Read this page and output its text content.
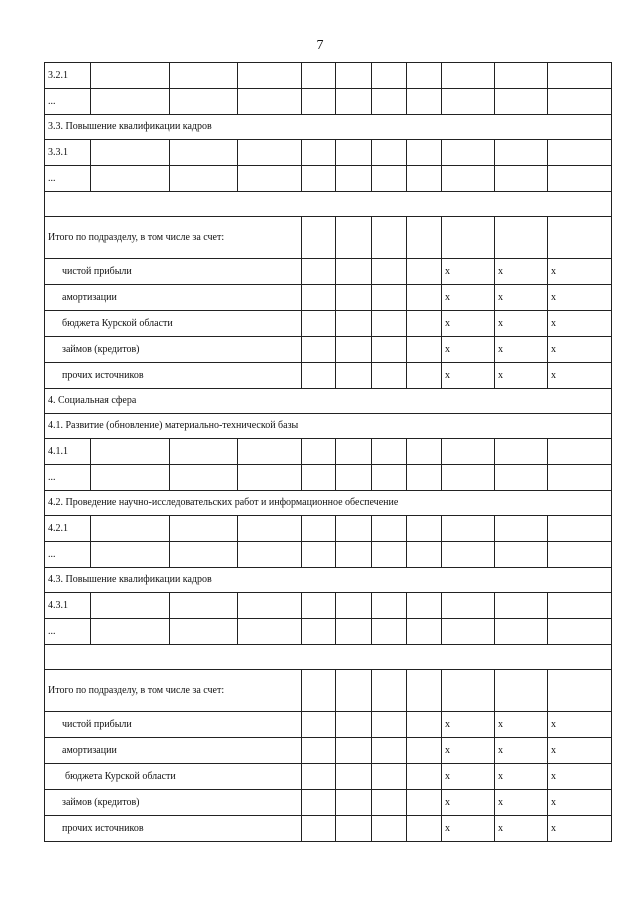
7
3.2.1										
...										
3.3. Повышение квалификации кадров										
3.3.1										
...										

Итого по подразделу, в том числе за счет:										
чистой прибыли								x	x	x
амортизации								x	x	x
бюджета Курской области								x	x	x
займов (кредитов)								x	x	x
прочих источников								x	x	x
4. Социальная сфера										
4.1. Развитие (обновление) материально-технической базы										
4.1.1										
...										
4.2. Проведение научно-исследовательских работ и информационное обеспечение										
4.2.1										
...										
4.3. Повышение квалификации кадров										
4.3.1										
...										

Итого по подразделу, в том числе за счет:										
чистой прибыли								x	x	x
амортизации								x	x	x
бюджета Курской области								x	x	x
займов (кредитов)								x	x	x
прочих источников								x	x	x
